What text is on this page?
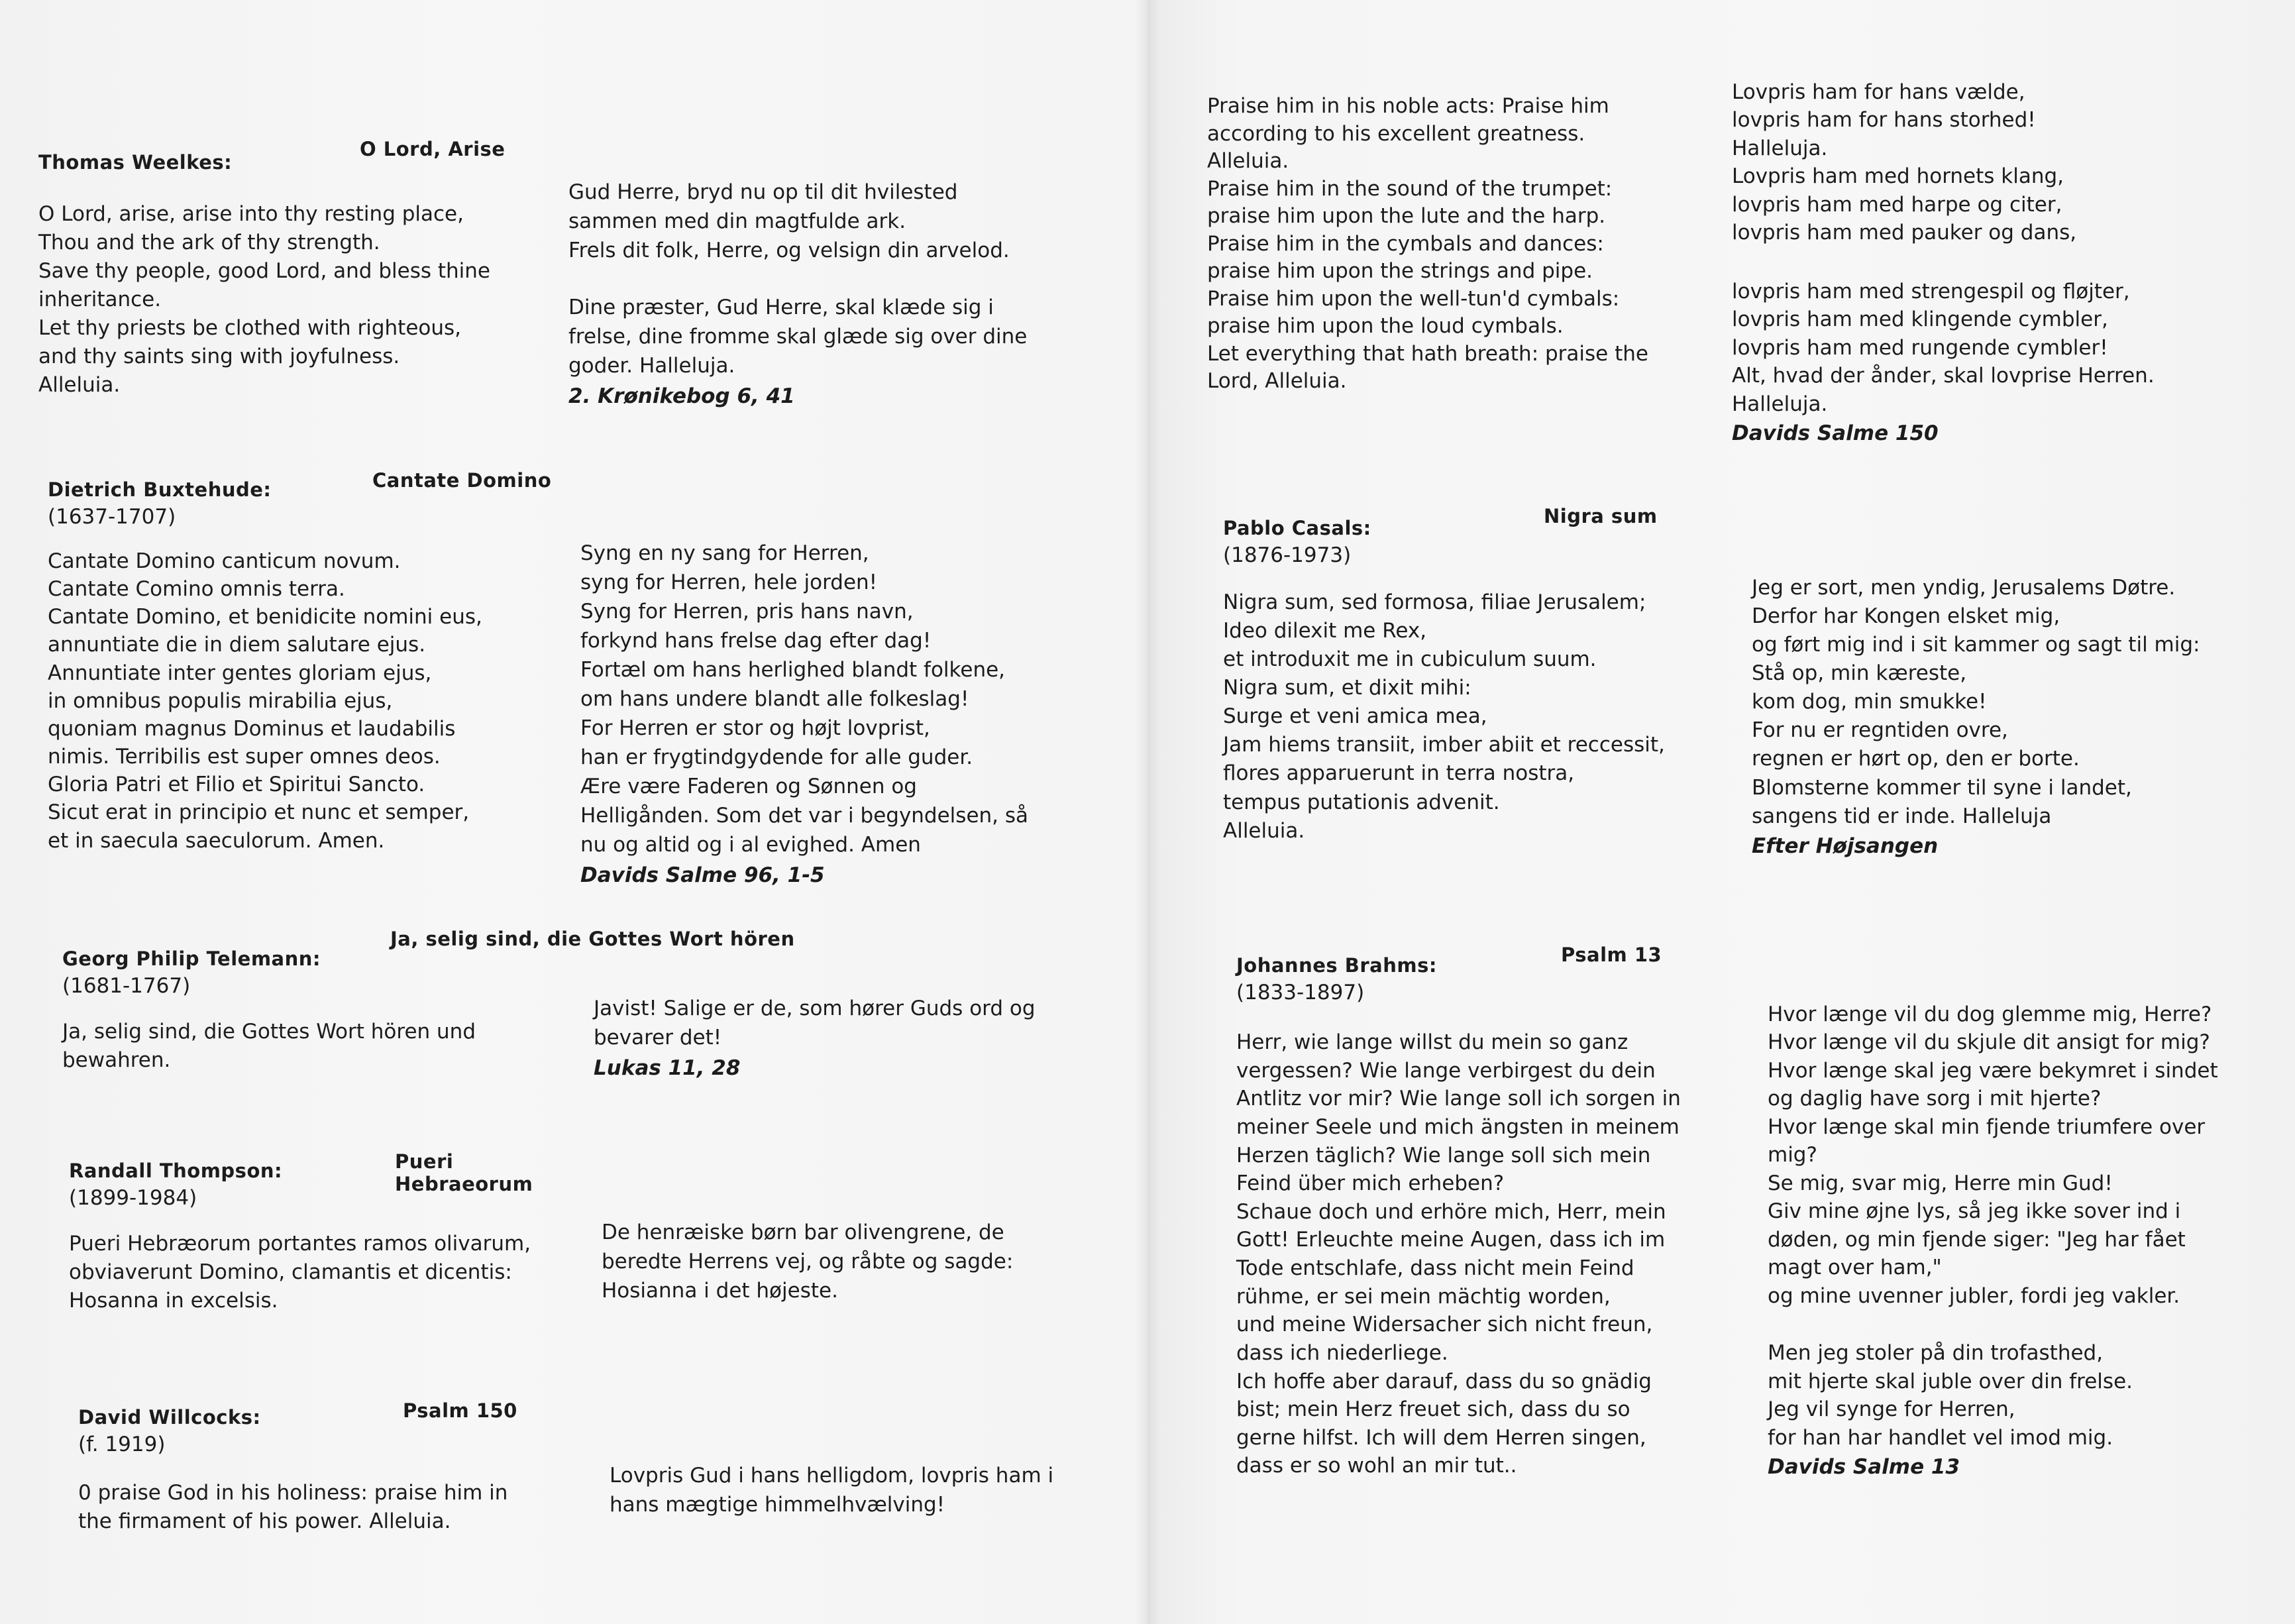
Thomas Weelkes:
O Lord, Arise
O Lord, arise, arise into thy resting place,
Thou and the ark of thy strength.
Save thy people, good Lord, and bless thine
inheritance.
Let thy priests be clothed with righteous,
and thy saints sing with joyfulness.
Alleluia.
Gud Herre, bryd nu op til dit hvilested
sammen med din magtfulde ark.
Frels dit folk, Herre, og velsign din arvelod.

Dine præster, Gud Herre, skal klæde sig i
frelse, dine fromme skal glæde sig over dine
goder. Halleluja.
2. Krønikebog 6, 41
Dietrich Buxtehude:	Cantate Domino
(1637-1707)
Cantate Domino canticum novum.
Cantate Comino omnis terra.
Cantate Domino, et benidicite nomini eus,
annuntiate die in diem salutare ejus.
Annuntiate inter gentes gloriam ejus,
in omnibus populis mirabilia ejus,
quoniam magnus Dominus et laudabilis
nimis. Terribilis est super omnes deos.
Gloria Patri et Filio et Spiritui Sancto.
Sicut erat in principio et nunc et semper,
et in saecula saeculorum. Amen.
Syng en ny sang for Herren,
syng for Herren, hele jorden!
Syng for Herren, pris hans navn,
forkynd hans frelse dag efter dag!
Fortæl om hans herlighed blandt folkene,
om hans undere blandt alle folkeslag!
For Herren er stor og højt lovprist,
han er frygtindgydende for alle guder.
Ære være Faderen og Sønnen og
Helligånden. Som det var i begyndelsen, så
nu og altid og i al evighed. Amen
Davids Salme 96, 1-5
Georg Philip Telemann:
Ja, selig sind, die Gottes Wort hören
(1681-1767)
Ja, selig sind, die Gottes Wort hören und
bewahren.
Javist! Salige er de, som hører Guds ord og
bevarer det!
Lukas 11, 28
Randall Thompson:	Pueri Hebraeorum
(1899-1984)
Pueri Hebræorum portantes ramos olivarum,
obviaverunt Domino, clamantis et dicentis:
Hosanna in excelsis.
De henræiske børn bar olivengrene, de
beredte Herrens vej, og råbte og sagde:
Hosianna i det højeste.
David Willcocks:	Psalm 150
(f. 1919)
0 praise God in his holiness: praise him in
the firmament of his power. Alleluia.
Lovpris Gud i hans helligdom, lovpris ham i
hans mægtige himmelhvælving!
Praise him in his noble acts: Praise him
according to his excellent greatness.
Alleluia.
Praise him in the sound of the trumpet:
praise him upon the lute and the harp.
Praise him in the cymbals and dances:
praise him upon the strings and pipe.
Praise him upon the well-tun'd cymbals:
praise him upon the loud cymbals.
Let everything that hath breath: praise the
Lord, Alleluia.
Lovpris ham for hans vælde,
lovpris ham for hans storhed!
Halleluja.
Lovpris ham med hornets klang,
lovpris ham med harpe og citer,
lovpris ham med pauker og dans,

lovpris ham med strengespil og fløjter,
lovpris ham med klingende cymbler,
lovpris ham med rungende cymbler!
Alt, hvad der ånder, skal lovprise Herren.
Halleluja.
Davids Salme 150
Pablo Casals:
Nigra sum
(1876-1973)
Nigra sum, sed formosa, filiae Jerusalem;
Ideo dilexit me Rex,
et introduxit me in cubiculum suum.
Nigra sum, et dixit mihi:
Surge et veni amica mea,
Jam hiems transiit, imber abiit et reccessit,
flores apparuerunt in terra nostra,
tempus putationis advenit.
Alleluia.
Jeg er sort, men yndig, Jerusalems Døtre.
Derfor har Kongen elsket mig,
og ført mig ind i sit kammer og sagt til mig:
Stå op, min kæreste,
kom dog, min smukke!
For nu er regntiden ovre,
regnen er hørt op, den er borte.
Blomsterne kommer til syne i landet,
sangens tid er inde. Halleluja
Efter Højsangen
Johannes Brahms:	Psalm 13
(1833-1897)
Herr, wie lange willst du mein so ganz
vergessen? Wie lange verbirgest du dein
Antlitz vor mir? Wie lange soll ich sorgen in
meiner Seele und mich ängsten in meinem
Herzen täglich? Wie lange soll sich mein
Feind über mich erheben?
Schaue doch und erhöre mich, Herr, mein
Gott! Erleuchte meine Augen, dass ich im
Tode entschlafe, dass nicht mein Feind
rühme, er sei mein mächtig worden,
und meine Widersacher sich nicht freun,
dass ich niederliege.
Ich hoffe aber darauf, dass du so gnädig
bist; mein Herz freuet sich, dass du so
gerne hilfst. Ich will dem Herren singen,
dass er so wohl an mir tut..
Hvor længe vil du dog glemme mig, Herre?
Hvor længe vil du skjule dit ansigt for mig?
Hvor længe skal jeg være bekymret i sindet
og daglig have sorg i mit hjerte?
Hvor længe skal min fjende triumfere over
mig?
Se mig, svar mig, Herre min Gud!
Giv mine øjne lys, så jeg ikke sover ind i
døden, og min fjende siger: "Jeg har fået
magt over ham,"
og mine uvenner jubler, fordi jeg vakler.

Men jeg stoler på din trofasthed,
mit hjerte skal juble over din frelse.
Jeg vil synge for Herren,
for han har handlet vel imod mig.
Davids Salme 13
